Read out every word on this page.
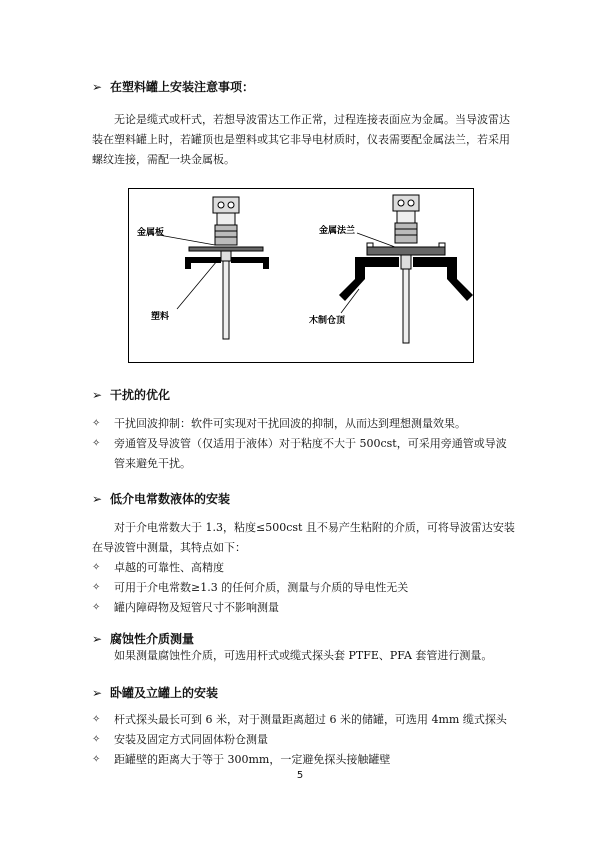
➢ 在塑料罐上安装注意事项：
无论是缆式或杆式，若想导波雷达工作正常，过程连接表面应为金属。当导波雷达装在塑料罐上时，若罐顶也是塑料或其它非导电材质时，仪表需要配金属法兰，若采用螺纹连接，需配一块金属板。
金属板
塑料
金属法兰
木制仓顶
➢ 干扰的优化
✧	干扰回波抑制：软件可实现对干扰回波的抑制，从而达到理想测量效果。
✧	旁通管及导波管（仅适用于液体）对于粘度不大于 500cst，可采用旁通管或导波管来避免干扰。
➢ 低介电常数液体的安装
对于介电常数大于 1.3，粘度≤500cst 且不易产生粘附的介质，可将导波雷达安装在导波管中测量，其特点如下：
✧	卓越的可靠性、高精度
✧	可用于介电常数≥1.3 的任何介质，测量与介质的导电性无关
✧	罐内障碍物及短管尺寸不影响测量
➢ 腐蚀性介质测量
如果测量腐蚀性介质，可选用杆式或缆式探头套 PTFE、PFA 套管进行测量。
➢ 卧罐及立罐上的安装
✧	杆式探头最长可到 6 米，对于测量距离超过 6 米的储罐，可选用 4mm 缆式探头
✧	安装及固定方式同固体粉仓测量
✧	距罐壁的距离大于等于 300mm，一定避免探头接触罐壁
5
